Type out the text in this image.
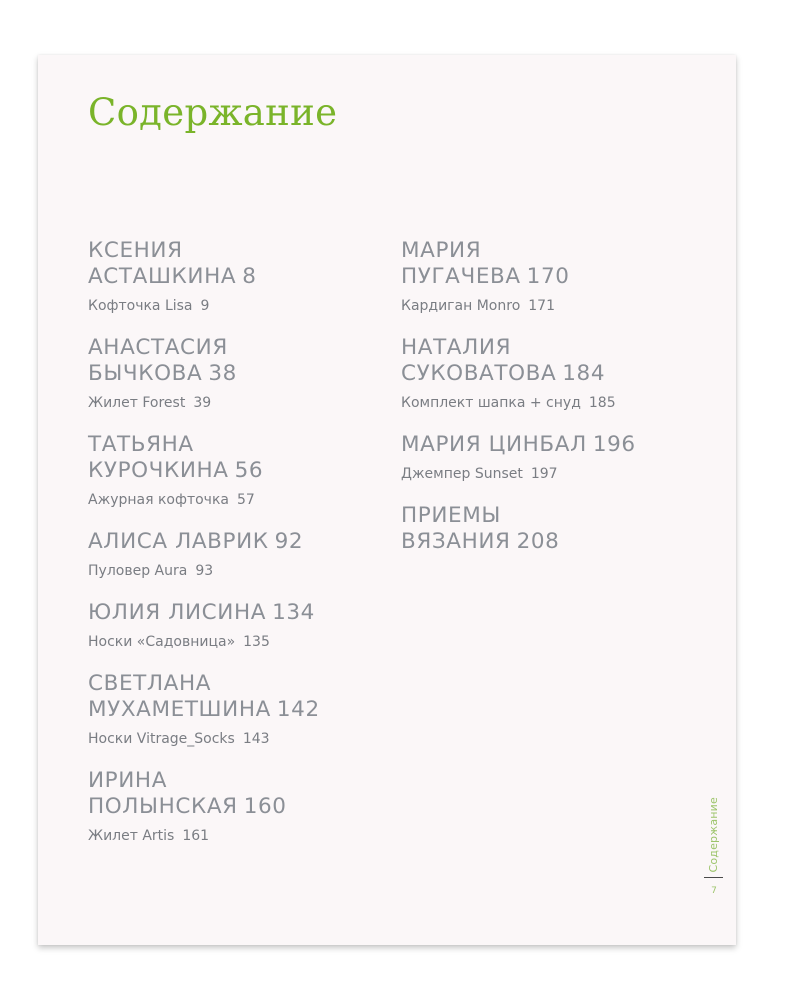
Содержание
КСЕНИЯ
АСТАШКИНА 8
Кофточка Lisa 9
АНАСТАСИЯ
БЫЧКОВА 38
Жилет Forest 39
ТАТЬЯНА
КУРОЧКИНА 56
Ажурная кофточка 57
АЛИСА ЛАВРИК 92
Пуловер Aura 93
ЮЛИЯ ЛИСИНА 134
Носки «Садовница» 135
СВЕТЛАНА
МУХАМЕТШИНА 142
Носки Vitrage_Socks 143
ИРИНА
ПОЛЫНСКАЯ 160
Жилет Artis 161
МАРИЯ
ПУГАЧЕВА 170
Кардиган Monro 171
НАТАЛИЯ
СУКОВАТОВА 184
Комплект шапка + снуд 185
МАРИЯ ЦИНБАЛ 196
Джемпер Sunset 197
ПРИЕМЫ
ВЯЗАНИЯ 208
Содержание
7
